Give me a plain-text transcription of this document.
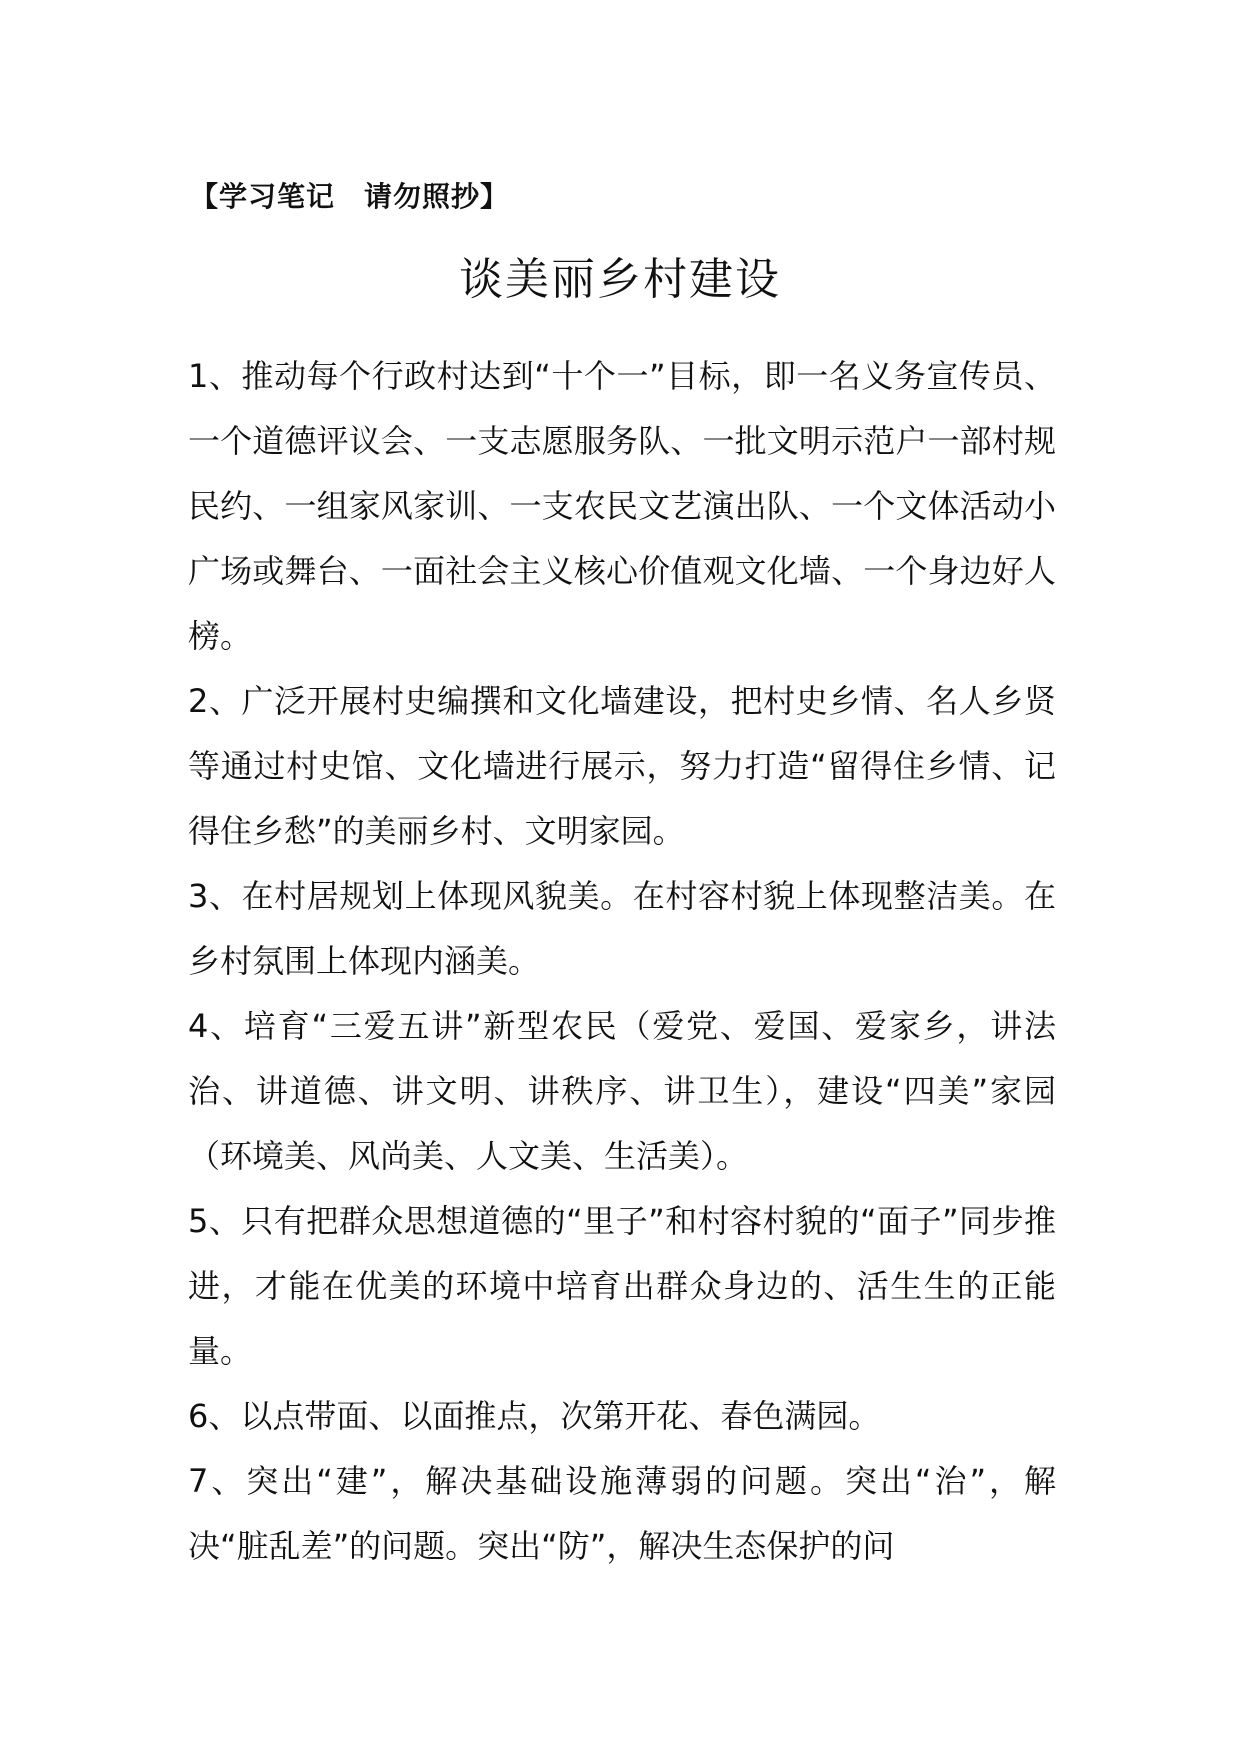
【学习笔记　请勿照抄】
谈美丽乡村建设

1、推动每个行政村达到“十个一”目标，即一名义务宣传员、一个道德评议会、一支志愿服务队、一批文明示范户一部村规民约、一组家风家训、一支农民文艺演出队、一个文体活动小广场或舞台、一面社会主义核心价值观文化墙、一个身边好人榜。

2、广泛开展村史编撰和文化墙建设，把村史乡情、名人乡贤等通过村史馆、文化墙进行展示，努力打造“留得住乡情、记得住乡愁”的美丽乡村、文明家园。

3、在村居规划上体现风貌美。在村容村貌上体现整洁美。在乡村氛围上体现内涵美。

4、培育“三爱五讲”新型农民（爱党、爱国、爱家乡，讲法治、讲道德、讲文明、讲秩序、讲卫生），建设“四美”家园（环境美、风尚美、人文美、生活美）。

5、只有把群众思想道德的“里子”和村容村貌的“面子”同步推进，才能在优美的环境中培育出群众身边的、活生生的正能量。

6、以点带面、以面推点，次第开花、春色满园。

7、突出“建”，解决基础设施薄弱的问题。突出“治”，解决“脏乱差”的问题。突出“防”，解决生态保护的问
